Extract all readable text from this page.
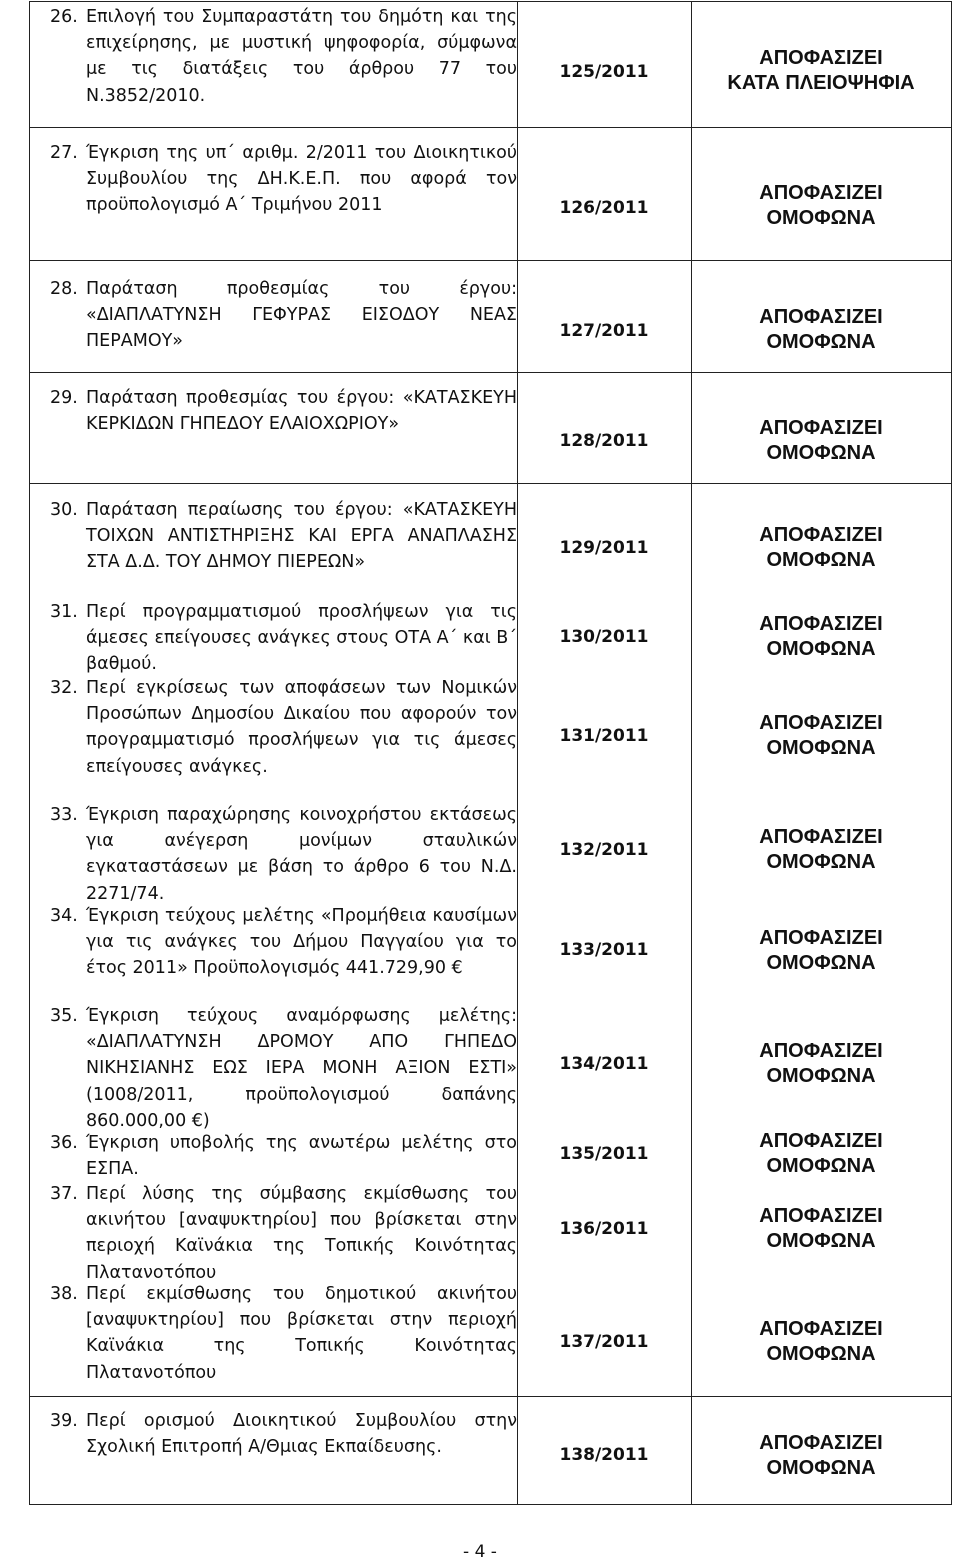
26. Επιλογή του Συμπαραστάτη του δημότη και της επιχείρησης, με μυστική ψηφοφορία, σύμφωνα με τις διατάξεις του άρθρου 77 του Ν.3852/2010.
125/2011
ΑΠΟΦΑΣΙΖΕΙ
ΚΑΤΑ ΠΛΕΙΟΨΗΦΙΑ
27. Έγκριση της υπ΄ αριθμ. 2/2011 του Διοικητικού Συμβουλίου της ΔΗ.Κ.Ε.Π. που αφορά τον προϋπολογισμό Α΄ Τριμήνου 2011	126/2011
ΑΠΟΦΑΣΙΖΕΙ
ΟΜΟΦΩΝΑ
28. Παράταση προθεσμίας του έργου: «ΔΙΑΠΛΑΤΥΝΣΗ ΓΕΦΥΡΑΣ ΕΙΣΟΔΟΥ ΝΕΑΣ ΠΕΡΑΜΟΥ»
127/2011
ΑΠΟΦΑΣΙΖΕΙ
ΟΜΟΦΩΝΑ
29. Παράταση προθεσμίας του έργου: «ΚΑΤΑΣΚΕΥΗ ΚΕΡΚΙΔΩΝ ΓΗΠΕΔΟΥ ΕΛΑΙΟΧΩΡΙΟΥ»
128/2011
ΑΠΟΦΑΣΙΖΕΙ
ΟΜΟΦΩΝΑ
30. Παράταση περαίωσης του έργου: «ΚΑΤΑΣΚΕΥΗ ΤΟΙΧΩΝ ΑΝΤΙΣΤΗΡΙΞΗΣ ΚΑΙ ΕΡΓΑ ΑΝΑΠΛΑΣΗΣ ΣΤΑ Δ.Δ. ΤΟΥ ΔΗΜΟΥ ΠΙΕΡΕΩΝ»
129/2011
ΑΠΟΦΑΣΙΖΕΙ
ΟΜΟΦΩΝΑ
31. Περί προγραμματισμού προσλήψεων για τις άμεσες επείγουσες ανάγκες στους ΟΤΑ Α΄ και Β΄ βαθμού.
130/2011
ΑΠΟΦΑΣΙΖΕΙ
ΟΜΟΦΩΝΑ
32. Περί εγκρίσεως των αποφάσεων των Νομικών Προσώπων Δημοσίου Δικαίου που αφορούν τον προγραμματισμό προσλήψεων για τις άμεσες επείγουσες ανάγκες.
131/2011
ΑΠΟΦΑΣΙΖΕΙ
ΟΜΟΦΩΝΑ
33. Έγκριση παραχώρησης κοινοχρήστου εκτάσεως για ανέγερση μονίμων σταυλικών εγκαταστάσεων με βάση το άρθρο 6 του Ν.Δ. 2271/74.
132/2011
ΑΠΟΦΑΣΙΖΕΙ
ΟΜΟΦΩΝΑ
34. Έγκριση τεύχους μελέτης «Προμήθεια καυσίμων για τις ανάγκες του Δήμου Παγγαίου για το έτος 2011» Προϋπολογισμός 441.729,90 €
133/2011
ΑΠΟΦΑΣΙΖΕΙ
ΟΜΟΦΩΝΑ
35. Έγκριση τεύχους αναμόρφωσης μελέτης: «ΔΙΑΠΛΑΤΥΝΣΗ ΔΡΟΜΟΥ ΑΠΟ ΓΗΠΕΔΟ ΝΙΚΗΣΙΑΝΗΣ ΕΩΣ ΙΕΡΑ ΜΟΝΗ ΑΞΙΟΝ ΕΣΤΙ» (1008/2011, προϋπολογισμού δαπάνης 860.000,00 €)
134/2011
ΑΠΟΦΑΣΙΖΕΙ
ΟΜΟΦΩΝΑ
36. Έγκριση υποβολής της ανωτέρω μελέτης στο ΕΣΠΑ.
135/2011
ΑΠΟΦΑΣΙΖΕΙ
ΟΜΟΦΩΝΑ
37. Περί λύσης της σύμβασης εκμίσθωσης του ακινήτου [αναψυκτηρίου] που βρίσκεται στην περιοχή Καϊνάκια της Τοπικής Κοινότητας Πλατανοτόπου
136/2011
ΑΠΟΦΑΣΙΖΕΙ
ΟΜΟΦΩΝΑ
38. Περί εκμίσθωσης του δημοτικού ακινήτου [αναψυκτηρίου] που βρίσκεται στην περιοχή Καϊνάκια της Τοπικής Κοινότητας Πλατανοτόπου
137/2011
ΑΠΟΦΑΣΙΖΕΙ
ΟΜΟΦΩΝΑ
39. Περί ορισμού Διοικητικού Συμβουλίου στην Σχολική Επιτροπή Α/Θμιας Εκπαίδευσης.	138/2011
ΑΠΟΦΑΣΙΖΕΙ
ΟΜΟΦΩΝΑ
- 4 -
